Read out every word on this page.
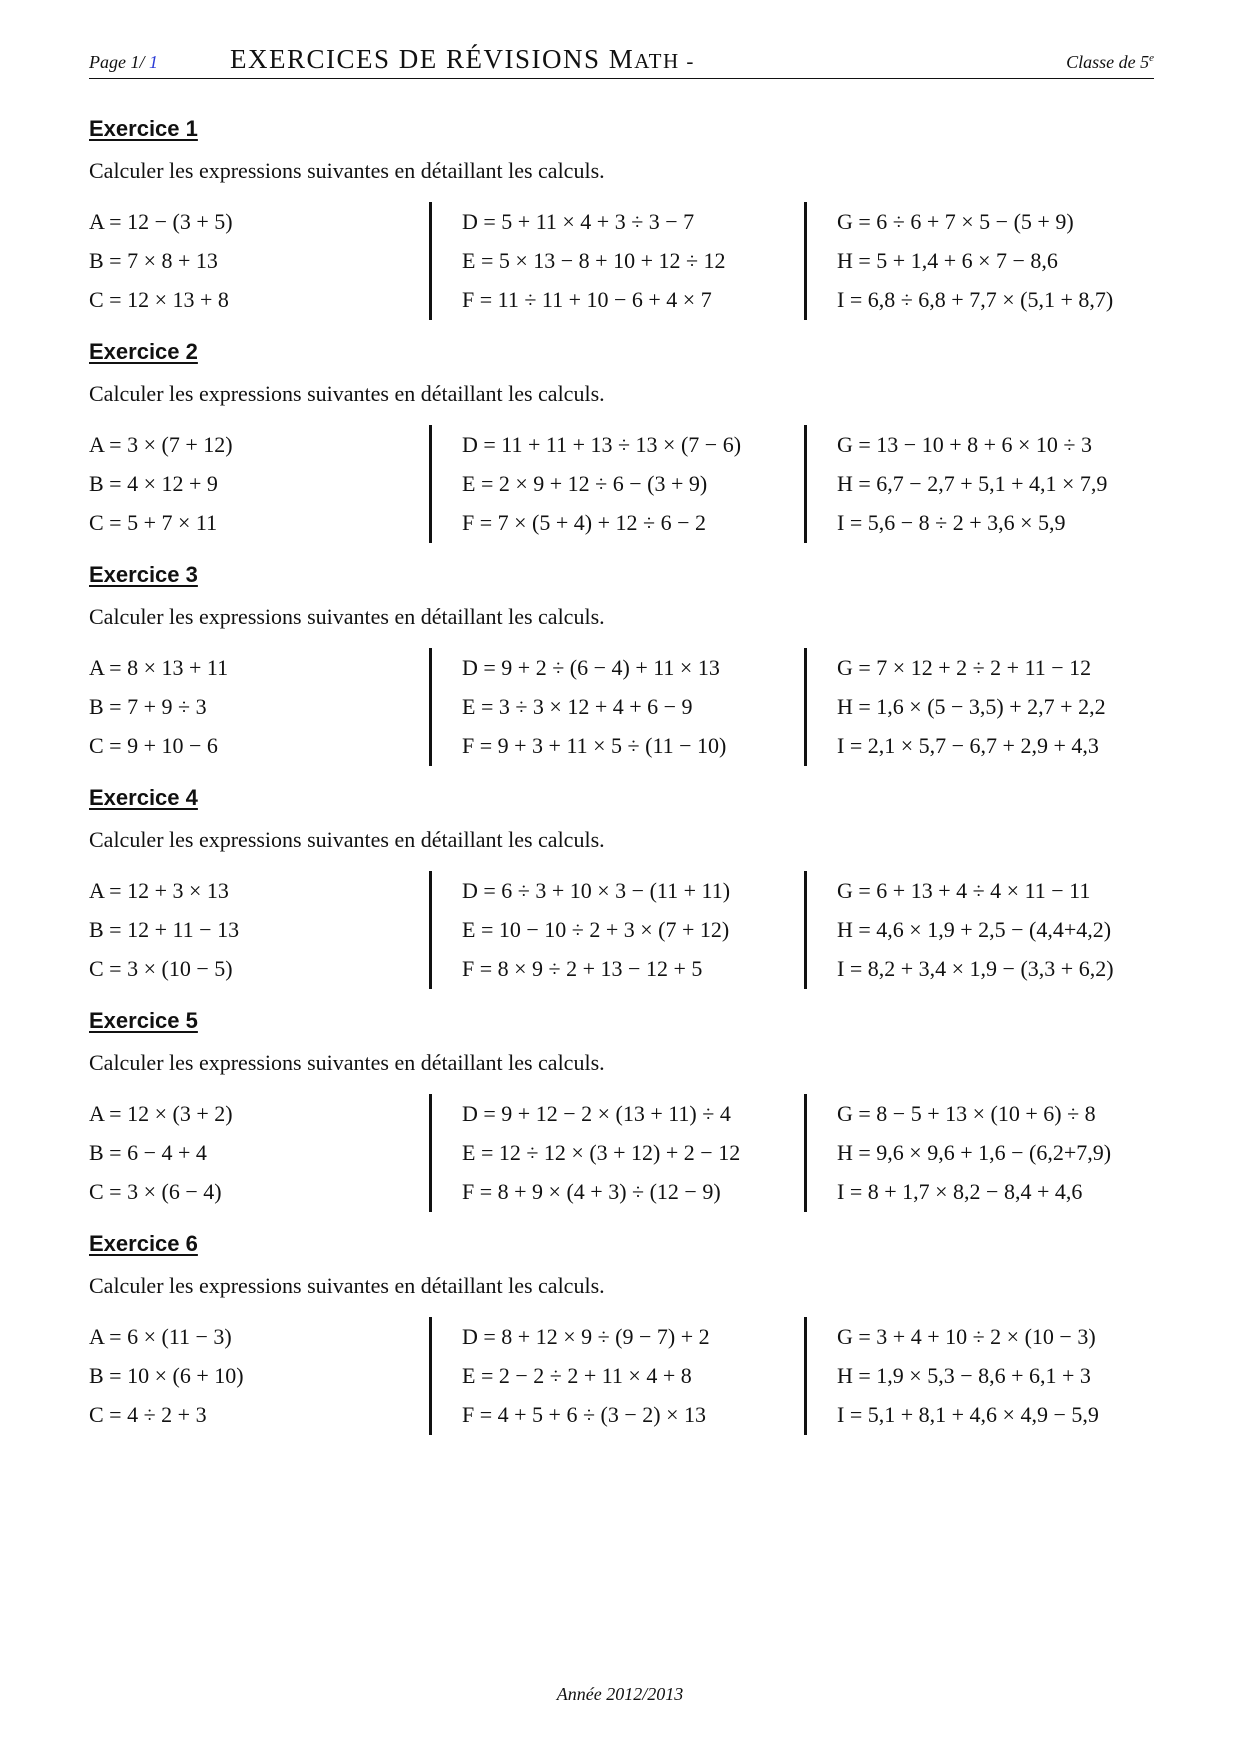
Page 1/ 1	EXERCICES DE RÉVISIONS MATH -	Classe de 5e
Exercice 1
Calculer les expressions suivantes en détaillant les calculs.
A = 12 − (3 + 5)
B = 7 × 8 + 13
C = 12 × 13 + 8
D = 5 + 11 × 4 + 3 ÷ 3 − 7
E = 5 × 13 − 8 + 10 + 12 ÷ 12
F = 11 ÷ 11 + 10 − 6 + 4 × 7
G = 6 ÷ 6 + 7 × 5 − (5 + 9)
H = 5 + 1,4 + 6 × 7 − 8,6
I = 6,8 ÷ 6,8 + 7,7 × (5,1 + 8,7)
Exercice 2
Calculer les expressions suivantes en détaillant les calculs.
A = 3 × (7 + 12)
B = 4 × 12 + 9
C = 5 + 7 × 11
D = 11 + 11 + 13 ÷ 13 × (7 − 6)
E = 2 × 9 + 12 ÷ 6 − (3 + 9)
F = 7 × (5 + 4) + 12 ÷ 6 − 2
G = 13 − 10 + 8 + 6 × 10 ÷ 3
H = 6,7 − 2,7 + 5,1 + 4,1 × 7,9
I = 5,6 − 8 ÷ 2 + 3,6 × 5,9
Exercice 3
Calculer les expressions suivantes en détaillant les calculs.
A = 8 × 13 + 11
B = 7 + 9 ÷ 3
C = 9 + 10 − 6
D = 9 + 2 ÷ (6 − 4) + 11 × 13
E = 3 ÷ 3 × 12 + 4 + 6 − 9
F = 9 + 3 + 11 × 5 ÷ (11 − 10)
G = 7 × 12 + 2 ÷ 2 + 11 − 12
H = 1,6 × (5 − 3,5) + 2,7 + 2,2
I = 2,1 × 5,7 − 6,7 + 2,9 + 4,3
Exercice 4
Calculer les expressions suivantes en détaillant les calculs.
A = 12 + 3 × 13
B = 12 + 11 − 13
C = 3 × (10 − 5)
D = 6 ÷ 3 + 10 × 3 − (11 + 11)
E = 10 − 10 ÷ 2 + 3 × (7 + 12)
F = 8 × 9 ÷ 2 + 13 − 12 + 5
G = 6 + 13 + 4 ÷ 4 × 11 − 11
H = 4,6 × 1,9 + 2,5 − (4,4+4,2)
I = 8,2 + 3,4 × 1,9 − (3,3 + 6,2)
Exercice 5
Calculer les expressions suivantes en détaillant les calculs.
A = 12 × (3 + 2)
B = 6 − 4 + 4
C = 3 × (6 − 4)
D = 9 + 12 − 2 × (13 + 11) ÷ 4
E = 12 ÷ 12 × (3 + 12) + 2 − 12
F = 8 + 9 × (4 + 3) ÷ (12 − 9)
G = 8 − 5 + 13 × (10 + 6) ÷ 8
H = 9,6 × 9,6 + 1,6 − (6,2+7,9)
I = 8 + 1,7 × 8,2 − 8,4 + 4,6
Exercice 6
Calculer les expressions suivantes en détaillant les calculs.
A = 6 × (11 − 3)
B = 10 × (6 + 10)
C = 4 ÷ 2 + 3
D = 8 + 12 × 9 ÷ (9 − 7) + 2
E = 2 − 2 ÷ 2 + 11 × 4 + 8
F = 4 + 5 + 6 ÷ (3 − 2) × 13
G = 3 + 4 + 10 ÷ 2 × (10 − 3)
H = 1,9 × 5,3 − 8,6 + 6,1 + 3
I = 5,1 + 8,1 + 4,6 × 4,9 − 5,9
Année 2012/2013
